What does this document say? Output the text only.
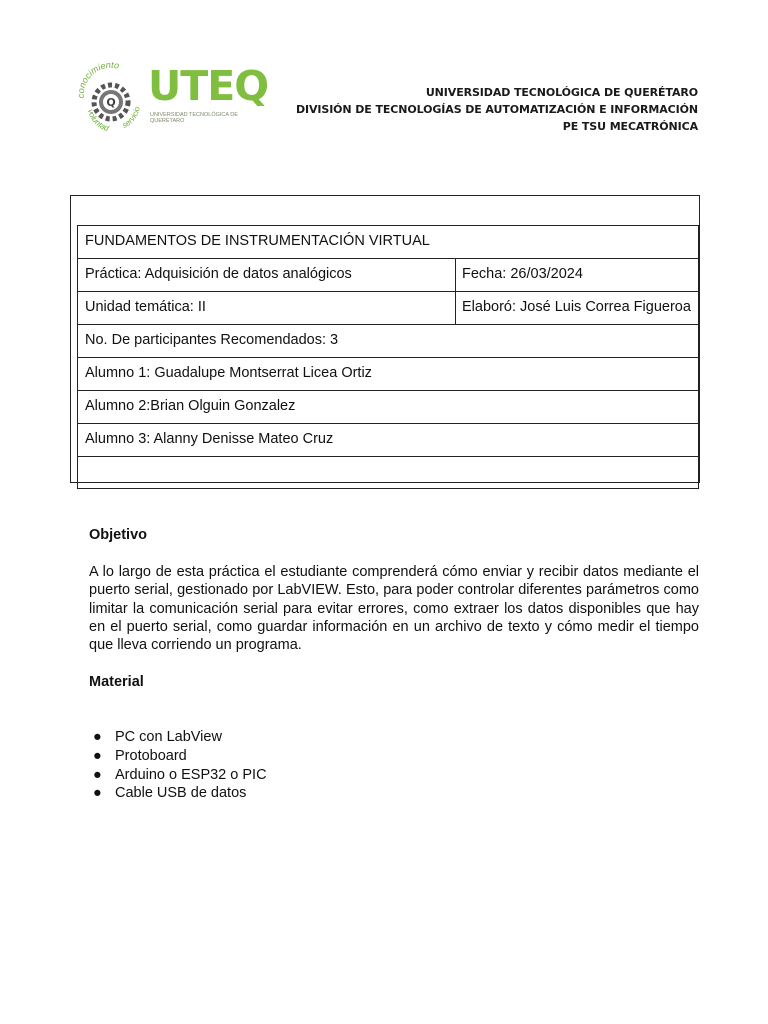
conocimiento
voluntad servicio
Q UTEQ
UNIVERSIDAD TECNOLÓGICA DE QUERÉTARO
UNIVERSIDAD TECNOLÓGICA DE QUERÉTARO
DIVISIÓN DE TECNOLOGÍAS DE AUTOMATIZACIÓN E INFORMACIÓN
PE TSU MECATRÓNICA
FUNDAMENTOS DE INSTRUMENTACIÓN VIRTUAL
Práctica: Adquisición de datos analógicos	Fecha: 26/03/2024
Unidad temática: II	Elaboró: José Luis Correa Figueroa
No. De participantes Recomendados: 3
Alumno 1: Guadalupe Montserrat Licea Ortiz
Alumno 2:Brian Olguin Gonzalez
Alumno 3: Alanny Denisse Mateo Cruz
Objetivo
A lo largo de esta práctica el estudiante comprenderá cómo enviar y recibir datos mediante el puerto serial, gestionado por LabVIEW. Esto, para poder controlar diferentes parámetros como limitar la comunicación serial para evitar errores, como extraer los datos disponibles que hay en el puerto serial, como guardar información en un archivo de texto y cómo medir el tiempo que lleva corriendo un programa.
Material
● PC con LabView
● Protoboard
● Arduino o ESP32 o PIC
● Cable USB de datos
